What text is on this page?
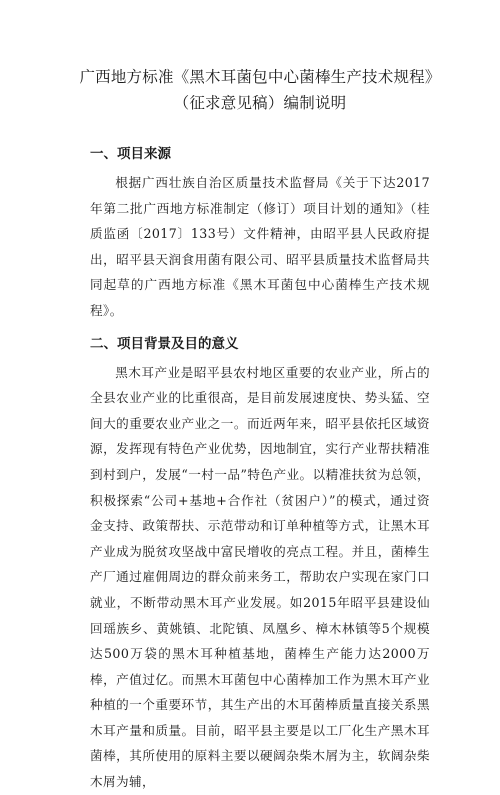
广西地方标准《黑木耳菌包中心菌棒生产技术规程》
（征求意见稿）编制说明
一、项目来源

根据广西壮族自治区质量技术监督局《关于下达2017年第二批广西地方标准制定（修订）项目计划的通知》（桂质监函〔2017〕133号）文件精神，由昭平县人民政府提出，昭平县天润食用菌有限公司、昭平县质量技术监督局共同起草的广西地方标准《黑木耳菌包中心菌棒生产技术规程》。

二、项目背景及目的意义

黑木耳产业是昭平县农村地区重要的农业产业，所占的全县农业产业的比重很高，是目前发展速度快、势头猛、空间大的重要农业产业之一。而近两年来，昭平县依托区域资源，发挥现有特色产业优势，因地制宜，实行产业帮扶精准到村到户，发展“一村一品”特色产业。以精准扶贫为总领，积极探索“公司+基地+合作社（贫困户）”的模式，通过资金支持、政策帮扶、示范带动和订单种植等方式，让黑木耳产业成为脱贫攻坚战中富民增收的亮点工程。并且，菌棒生产厂通过雇佣周边的群众前来务工，帮助农户实现在家门口就业，不断带动黑木耳产业发展。如2015年昭平县建设仙回瑶族乡、黄姚镇、北陀镇、凤凰乡、樟木林镇等5个规模达500万袋的黑木耳种植基地，菌棒生产能力达2000万棒，产值过亿。而黑木耳菌包中心菌棒加工作为黑木耳产业种植的一个重要环节，其生产出的木耳菌棒质量直接关系黑木耳产量和质量。目前，昭平县主要是以工厂化生产黑木耳菌棒，其所使用的原料主要以硬阔杂柴木屑为主，软阔杂柴木屑为辅，
